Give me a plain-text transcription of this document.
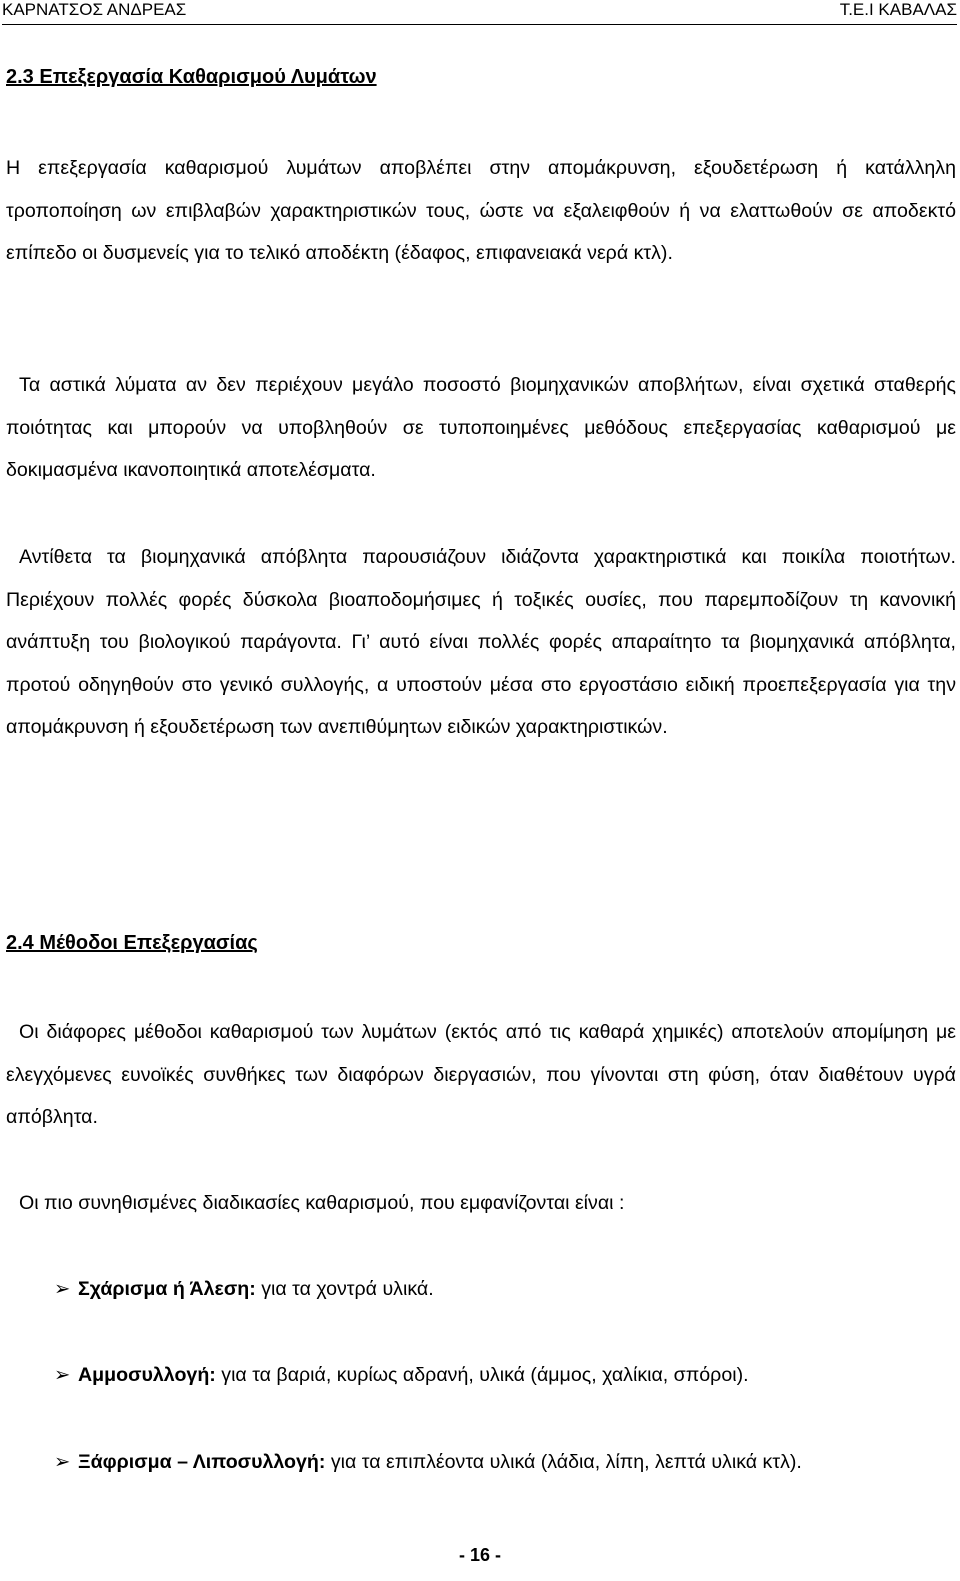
ΚΑΡΝΑΤΣΟΣ ΑΝΔΡΕΑΣ	Τ.Ε.Ι ΚΑΒΑΛΑΣ
2.3 Επεξεργασία Καθαρισμού Λυμάτων

Η επεξεργασία καθαρισμού λυμάτων αποβλέπει στην απομάκρυνση, εξουδετέρωση ή κατάλληλη τροποποίηση ων επιβλαβών χαρακτηριστικών τους, ώστε να εξαλειφθούν ή να ελαττωθούν σε αποδεκτό επίπεδο οι δυσμενείς για το τελικό αποδέκτη (έδαφος, επιφανειακά νερά κτλ).

Τα αστικά λύματα αν δεν περιέχουν μεγάλο ποσοστό βιομηχανικών αποβλήτων, είναι σχετικά σταθερής ποιότητας και μπορούν να υποβληθούν σε τυποποιημένες μεθόδους επεξεργασίας καθαρισμού με δοκιμασμένα ικανοποιητικά αποτελέσματα.

Αντίθετα τα βιομηχανικά απόβλητα παρουσιάζουν ιδιάζοντα χαρακτηριστικά και ποικίλα ποιοτήτων. Περιέχουν πολλές φορές δύσκολα βιοαποδομήσιμες ή τοξικές ουσίες, που παρεμποδίζουν τη κανονική ανάπτυξη του βιολογικού παράγοντα. Γι’ αυτό είναι πολλές φορές απαραίτητο τα βιομηχανικά απόβλητα, προτού οδηγηθούν στο γενικό συλλογής, α υποστούν μέσα στο εργοστάσιο ειδική προεπεξεργασία για την απομάκρυνση ή εξουδετέρωση των ανεπιθύμητων ειδικών χαρακτηριστικών.

2.4 Μέθοδοι Επεξεργασίας

Οι διάφορες μέθοδοι καθαρισμού των λυμάτων (εκτός από τις καθαρά χημικές) αποτελούν απομίμηση με ελεγχόμενες ευνοϊκές συνθήκες των διαφόρων διεργασιών, που γίνονται στη φύση, όταν διαθέτουν υγρά απόβλητα.

Οι πιο συνηθισμένες διαδικασίες καθαρισμού, που εμφανίζονται είναι :

➢ Σχάρισμα ή Άλεση: για τα χοντρά υλικά.
➢ Αμμοσυλλογή: για τα βαριά, κυρίως αδρανή, υλικά (άμμος, χαλίκια, σπόροι).
➢ Ξάφρισμα – Λιποσυλλογή: για τα επιπλέοντα υλικά (λάδια, λίπη, λεπτά υλικά κτλ).
- 16 -
